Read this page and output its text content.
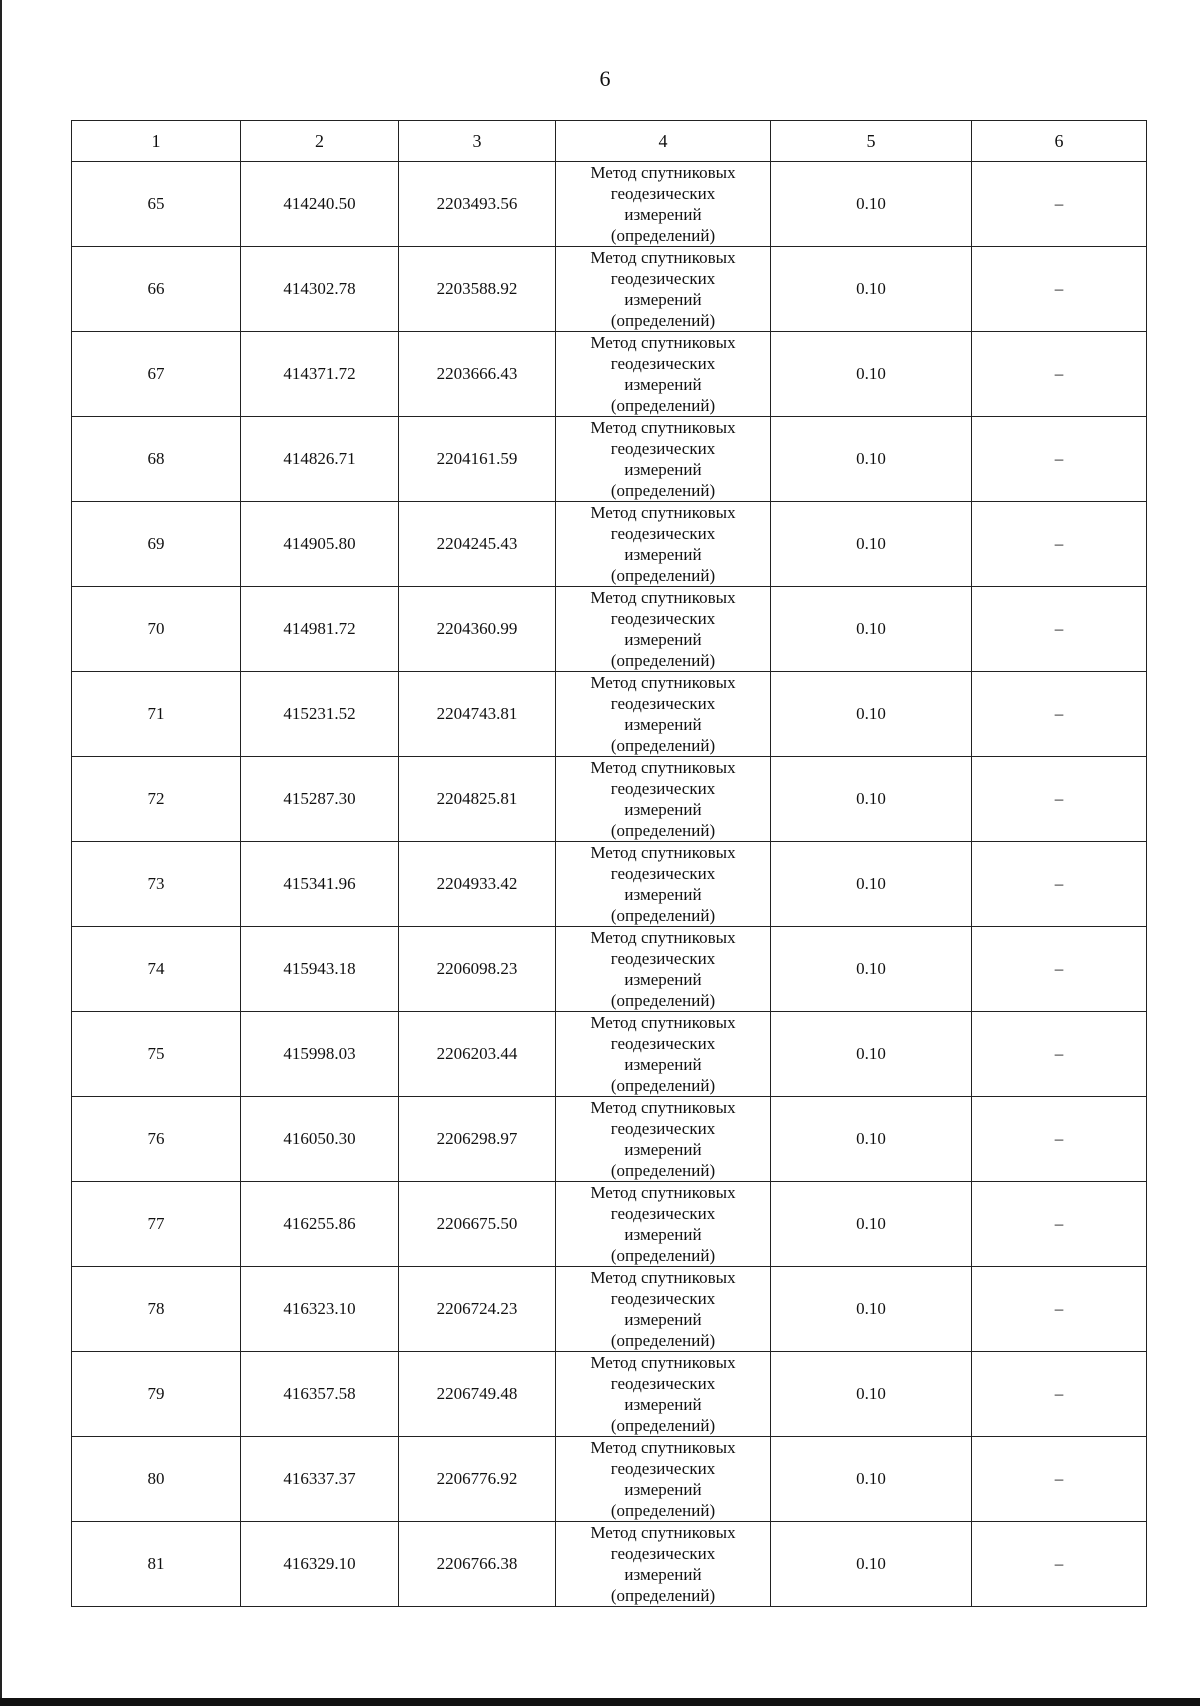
6
1	2	3	4	5	6
65	414240.50	2203493.56	Метод спутниковых
геодезических
измерений
(определений)	0.10	–
66	414302.78	2203588.92	Метод спутниковых
геодезических
измерений
(определений)	0.10	–
67	414371.72	2203666.43	Метод спутниковых
геодезических
измерений
(определений)	0.10	–
68	414826.71	2204161.59	Метод спутниковых
геодезических
измерений
(определений)	0.10	–
69	414905.80	2204245.43	Метод спутниковых
геодезических
измерений
(определений)	0.10	–
70	414981.72	2204360.99	Метод спутниковых
геодезических
измерений
(определений)	0.10	–
71	415231.52	2204743.81	Метод спутниковых
геодезических
измерений
(определений)	0.10	–
72	415287.30	2204825.81	Метод спутниковых
геодезических
измерений
(определений)	0.10	–
73	415341.96	2204933.42	Метод спутниковых
геодезических
измерений
(определений)	0.10	–
74	415943.18	2206098.23	Метод спутниковых
геодезических
измерений
(определений)	0.10	–
75	415998.03	2206203.44	Метод спутниковых
геодезических
измерений
(определений)	0.10	–
76	416050.30	2206298.97	Метод спутниковых
геодезических
измерений
(определений)	0.10	–
77	416255.86	2206675.50	Метод спутниковых
геодезических
измерений
(определений)	0.10	–
78	416323.10	2206724.23	Метод спутниковых
геодезических
измерений
(определений)	0.10	–
79	416357.58	2206749.48	Метод спутниковых
геодезических
измерений
(определений)	0.10	–
80	416337.37	2206776.92	Метод спутниковых
геодезических
измерений
(определений)	0.10	–
81	416329.10	2206766.38	Метод спутниковых
геодезических
измерений
(определений)	0.10	–
